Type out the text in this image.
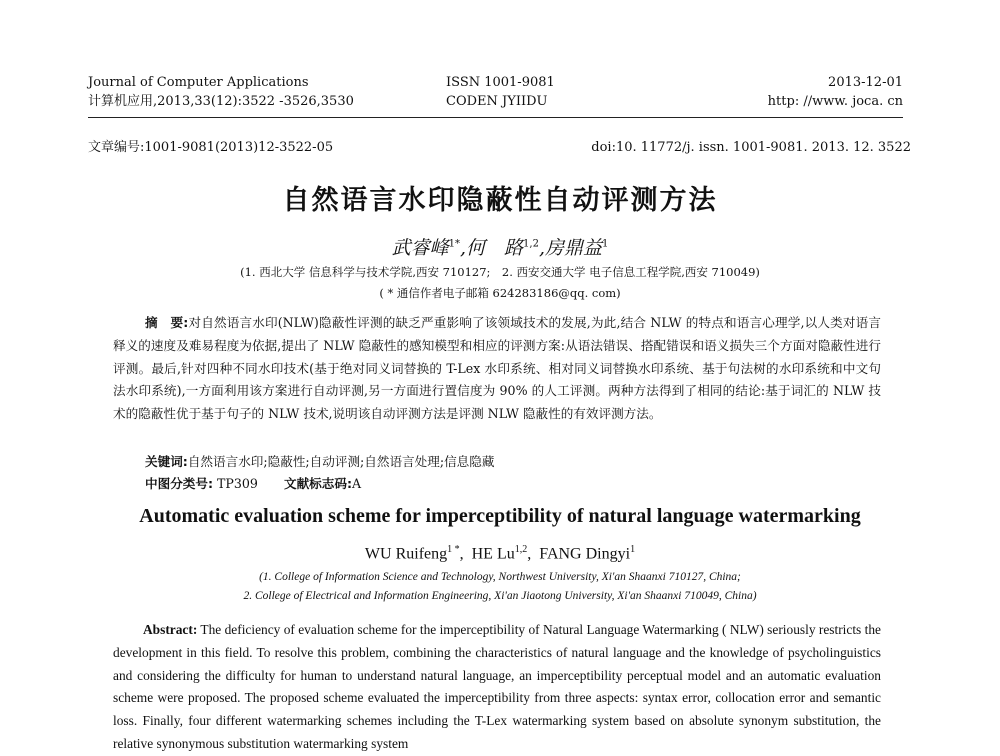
Journal of Computer Applications
计算机应用,2013,33(12):3522 -3526,3530
ISSN 1001-9081
CODEN JYIIDU
2013-12-01
http: //www. joca. cn
文章编号:1001-9081(2013)12-3522-05	doi:10. 11772/j. issn. 1001-9081. 2013. 12. 3522
自然语言水印隐蔽性自动评测方法
武睿峰$^{1*}$,何　路$^{1,2}$,房鼎益$^1$
(1. 西北大学 信息科学与技术学院,西安 710127;　2. 西安交通大学 电子信息工程学院,西安 710049)
( * 通信作者电子邮箱 624283186@qq. com)
摘　要:对自然语言水印(NLW)隐蔽性评测的缺乏严重影响了该领域技术的发展,为此,结合 NLW 的特点和语言心理学,以人类对语言释义的速度及难易程度为依据,提出了 NLW 隐蔽性的感知模型和相应的评测方案:从语法错误、搭配错误和语义损失三个方面对隐蔽性进行评测。最后,针对四种不同水印技术(基于绝对同义词替换的 T-Lex 水印系统、相对同义词替换水印系统、基于句法树的水印系统和中文句法水印系统),一方面利用该方案进行自动评测,另一方面进行置信度为 90% 的人工评测。两种方法得到了相同的结论:基于词汇的 NLW 技术的隐蔽性优于基于句子的 NLW 技术,说明该自动评测方法是评测 NLW 隐蔽性的有效评测方法。
关键词:自然语言水印;隐蔽性;自动评测;自然语言处理;信息隐藏
中图分类号: TP309 文献标志码:A
Automatic evaluation scheme for imperceptibility of natural language watermarking
WU Ruifeng$^{1 *}$,  HE Lu$^{1,2}$,  FANG Dingyi$^1$
(1. College of Information Science and Technology, Northwest University, Xi'an Shaanxi 710127, China;
2. College of Electrical and Information Engineering, Xi'an Jiaotong University, Xi'an Shaanxi 710049, China)
Abstract: The deficiency of evaluation scheme for the imperceptibility of Natural Language Watermarking ( NLW) seriously restricts the development in this field. To resolve this problem, combining the characteristics of natural language and the knowledge of psycholinguistics and considering the difficulty for human to understand natural language, an imperceptibility perceptual model and an automatic evaluation scheme were proposed. The proposed scheme evaluated the imperceptibility from three aspects: syntax error, collocation error and semantic loss. Finally, four different watermarking schemes including the T-Lex watermarking system based on absolute synonym substitution, the relative synonymous substitution watermarking system
